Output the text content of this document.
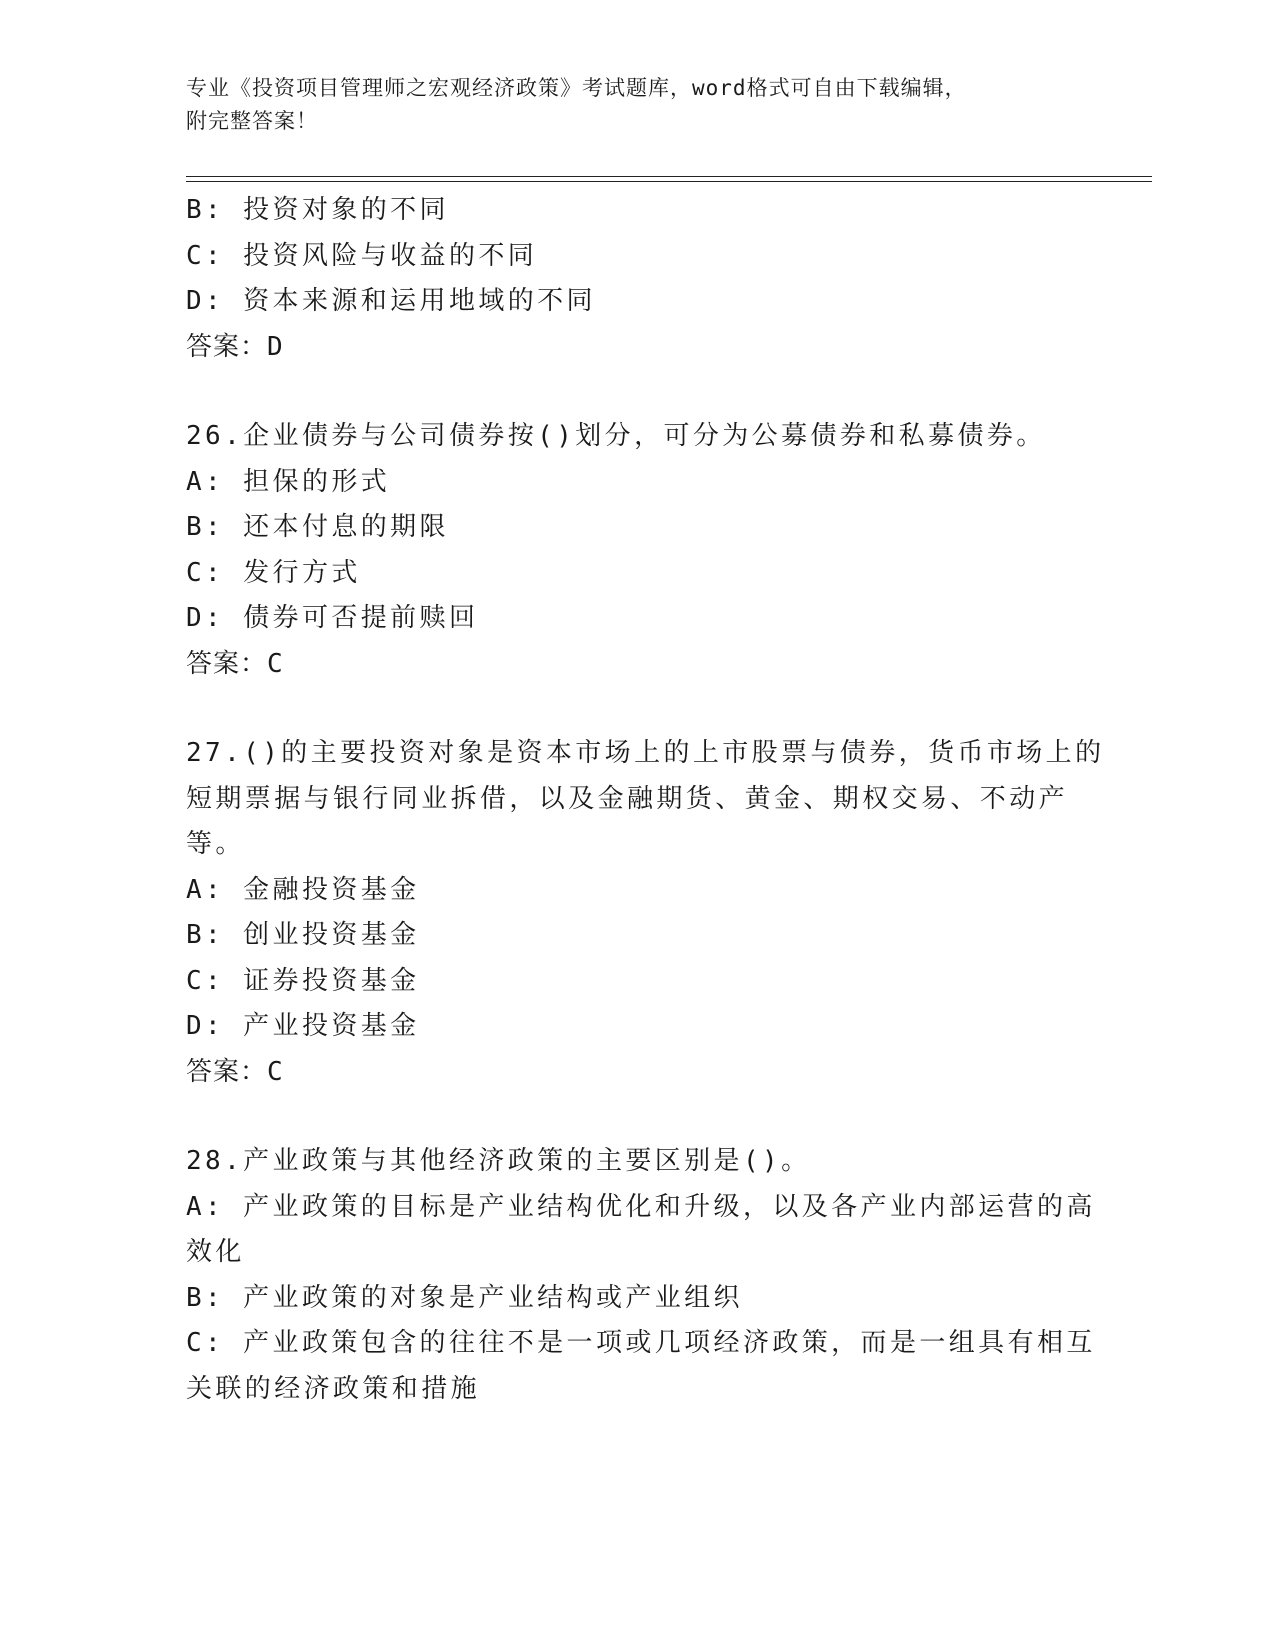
专业《投资项目管理师之宏观经济政策》考试题库，word格式可自由下载编辑，
附完整答案！
B: 投资对象的不同
C: 投资风险与收益的不同
D: 资本来源和运用地域的不同
答案：D
26.企业债券与公司债券按()划分，可分为公募债券和私募债券。
A: 担保的形式
B: 还本付息的期限
C: 发行方式
D: 债券可否提前赎回
答案：C
27.()的主要投资对象是资本市场上的上市股票与债券，货币市场上的
短期票据与银行同业拆借，以及金融期货、黄金、期权交易、不动产
等。
A: 金融投资基金
B: 创业投资基金
C: 证券投资基金
D: 产业投资基金
答案：C
28.产业政策与其他经济政策的主要区别是()。
A: 产业政策的目标是产业结构优化和升级，以及各产业内部运营的高
效化
B: 产业政策的对象是产业结构或产业组织
C: 产业政策包含的往往不是一项或几项经济政策，而是一组具有相互
关联的经济政策和措施
